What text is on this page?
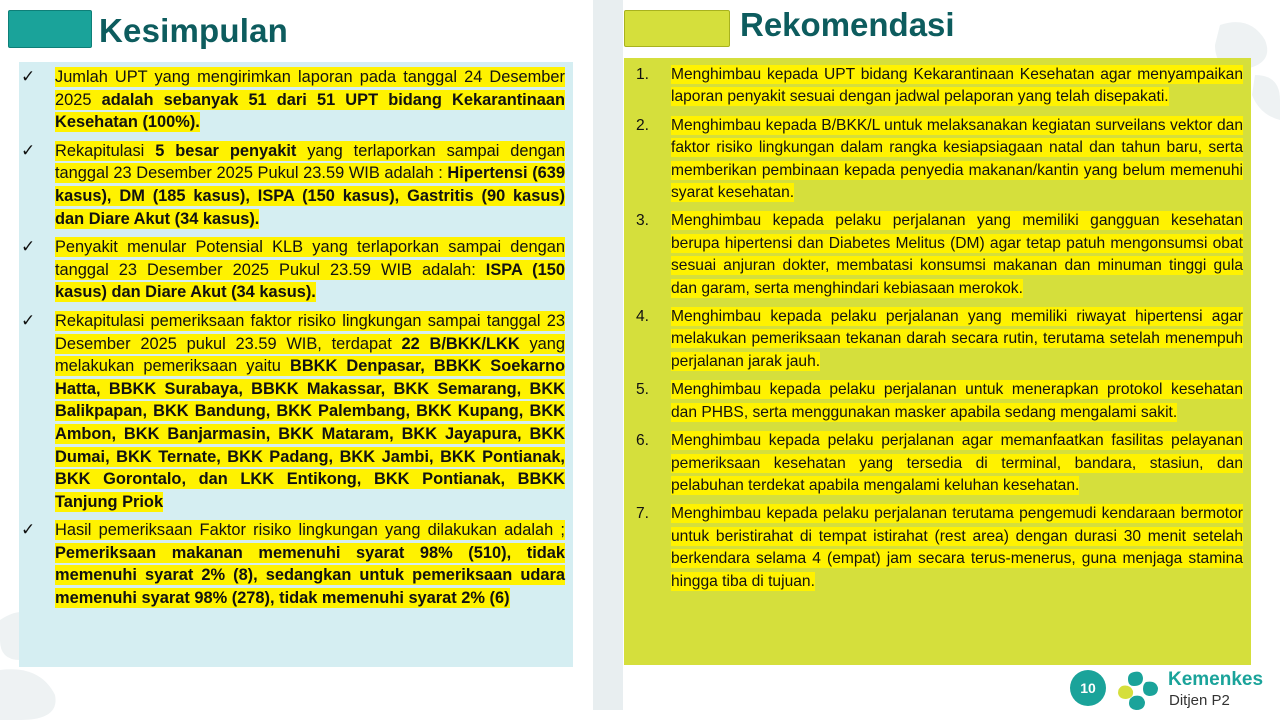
Kesimpulan	Rekomendasi
✓	Jumlah UPT yang mengirimkan laporan pada tanggal 24 Desember 2025 adalah sebanyak 51 dari 51 UPT bidang Kekarantinaan Kesehatan (100%).
✓	Rekapitulasi 5 besar penyakit yang terlaporkan sampai dengan tanggal 23 Desember 2025 Pukul 23.59 WIB adalah : Hipertensi (639 kasus), DM (185 kasus), ISPA (150 kasus), Gastritis (90 kasus) dan Diare Akut (34 kasus).
✓	Penyakit menular Potensial KLB yang terlaporkan sampai dengan tanggal 23 Desember 2025 Pukul 23.59 WIB adalah: ISPA (150 kasus) dan Diare Akut (34 kasus).
✓	Rekapitulasi pemeriksaan faktor risiko lingkungan sampai tanggal 23 Desember 2025 pukul 23.59 WIB, terdapat 22 B/BKK/LKK yang melakukan pemeriksaan yaitu BBKK Denpasar, BBKK Soekarno Hatta, BBKK Surabaya, BBKK Makassar, BKK Semarang, BKK Balikpapan, BKK Bandung, BKK Palembang, BKK Kupang, BKK Ambon, BKK Banjarmasin, BKK Mataram, BKK Jayapura, BKK Dumai, BKK Ternate, BKK Padang, BKK Jambi, BKK Pontianak, BKK Gorontalo, dan LKK Entikong, BKK Pontianak, BBKK Tanjung Priok
✓	Hasil pemeriksaan Faktor risiko lingkungan yang dilakukan adalah ; Pemeriksaan makanan memenuhi syarat 98% (510), tidak memenuhi syarat 2% (8), sedangkan untuk pemeriksaan udara memenuhi syarat 98% (278), tidak memenuhi syarat 2% (6)
1.	Menghimbau kepada UPT bidang Kekarantinaan Kesehatan agar menyampaikan laporan penyakit sesuai dengan jadwal pelaporan yang telah disepakati.
2.	Menghimbau kepada B/BKK/L untuk melaksanakan kegiatan surveilans vektor dan faktor risiko lingkungan dalam rangka kesiapsiagaan natal dan tahun baru, serta memberikan pembinaan kepada penyedia makanan/kantin yang belum memenuhi syarat kesehatan.
3.	Menghimbau kepada pelaku perjalanan yang memiliki gangguan kesehatan berupa hipertensi dan Diabetes Melitus (DM) agar tetap patuh mengonsumsi obat sesuai anjuran dokter, membatasi konsumsi makanan dan minuman tinggi gula dan garam, serta menghindari kebiasaan merokok.
4.	Menghimbau kepada pelaku perjalanan yang memiliki riwayat hipertensi agar melakukan pemeriksaan tekanan darah secara rutin, terutama setelah menempuh perjalanan jarak jauh.
5.	Menghimbau kepada pelaku perjalanan untuk menerapkan protokol kesehatan dan PHBS, serta menggunakan masker apabila sedang mengalami sakit.
6.	Menghimbau kepada pelaku perjalanan agar memanfaatkan fasilitas pelayanan pemeriksaan kesehatan yang tersedia di terminal, bandara, stasiun, dan pelabuhan terdekat apabila mengalami keluhan kesehatan.
7.	Menghimbau kepada pelaku perjalanan terutama pengemudi kendaraan bermotor untuk beristirahat di tempat istirahat (rest area) dengan durasi 30 menit setelah berkendara selama 4 (empat) jam secara terus-menerus, guna menjaga stamina hingga tiba di tujuan.
10	Kemenkes
Ditjen P2
